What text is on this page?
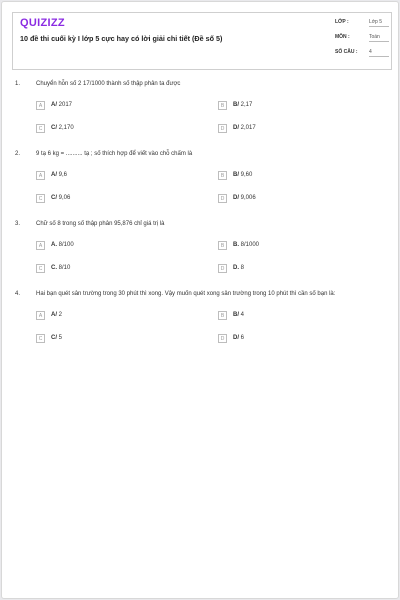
QUIZIZZ
10 đề thi cuối kỳ I lớp 5 cực hay có lời giải chi tiết (Đề số 5)
LỚP :	Lớp 5
MÔN :	Toán
SỐ CÂU :	4
1.	Chuyển hỗn số 2 17/1000 thành số thập phân ta được
A	A/ 2017	B	B/ 2,17
C	C/ 2,170	D	D/ 2,017
2.	9 tạ 6 kg = .......... tạ ; số thích hợp để viết vào chỗ chấm là
A	A/ 9,6	B	B/ 9,60
C	C/ 9,06	D	D/ 9,006
3.	Chữ số 8 trong số thập phân 95,876 chỉ giá trị là
A	A. 8/100	B	B. 8/1000
C	C. 8/10	D	D. 8
4.	Hai bạn quét sân trường trong 30 phút thì xong. Vậy muốn quét xong sân trường trong 10 phút thì cần số bạn là:
A	A/ 2	B	B/ 4
C	C/ 5	D	D/ 6
